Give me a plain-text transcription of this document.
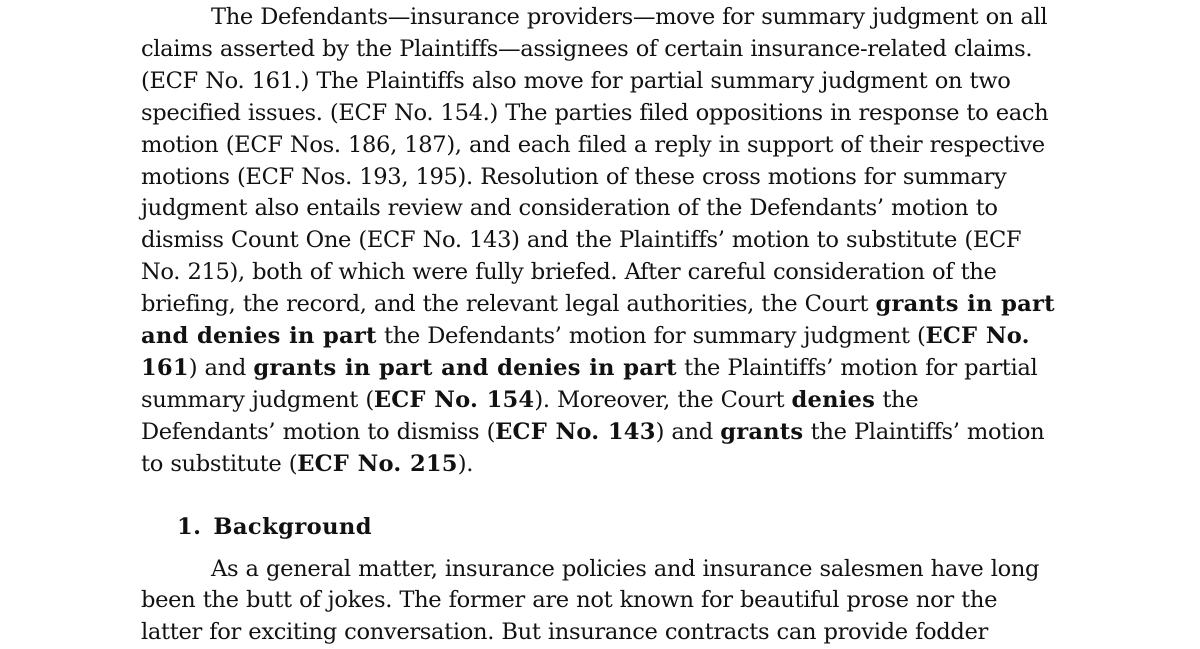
The Defendants—insurance providers—move for summary judgment on all claims asserted by the Plaintiffs—assignees of certain insurance-related claims. (ECF No. 161.) The Plaintiffs also move for partial summary judgment on two specified issues. (ECF No. 154.) The parties filed oppositions in response to each motion (ECF Nos. 186, 187), and each filed a reply in support of their respective motions (ECF Nos. 193, 195). Resolution of these cross motions for summary judgment also entails review and consideration of the Defendants’ motion to dismiss Count One (ECF No. 143) and the Plaintiffs’ motion to substitute (ECF No. 215), both of which were fully briefed. After careful consideration of the briefing, the record, and the relevant legal authorities, the Court grants in part and denies in part the Defendants’ motion for summary judgment (ECF No. 161) and grants in part and denies in part the Plaintiffs’ motion for partial summary judgment (ECF No. 154). Moreover, the Court denies the Defendants’ motion to dismiss (ECF No. 143) and grants the Plaintiffs’ motion to substitute (ECF No. 215).

1. Background

As a general matter, insurance policies and insurance salesmen have long been the butt of jokes. The former are not known for beautiful prose nor the latter for exciting conversation. But insurance contracts can provide fodder
